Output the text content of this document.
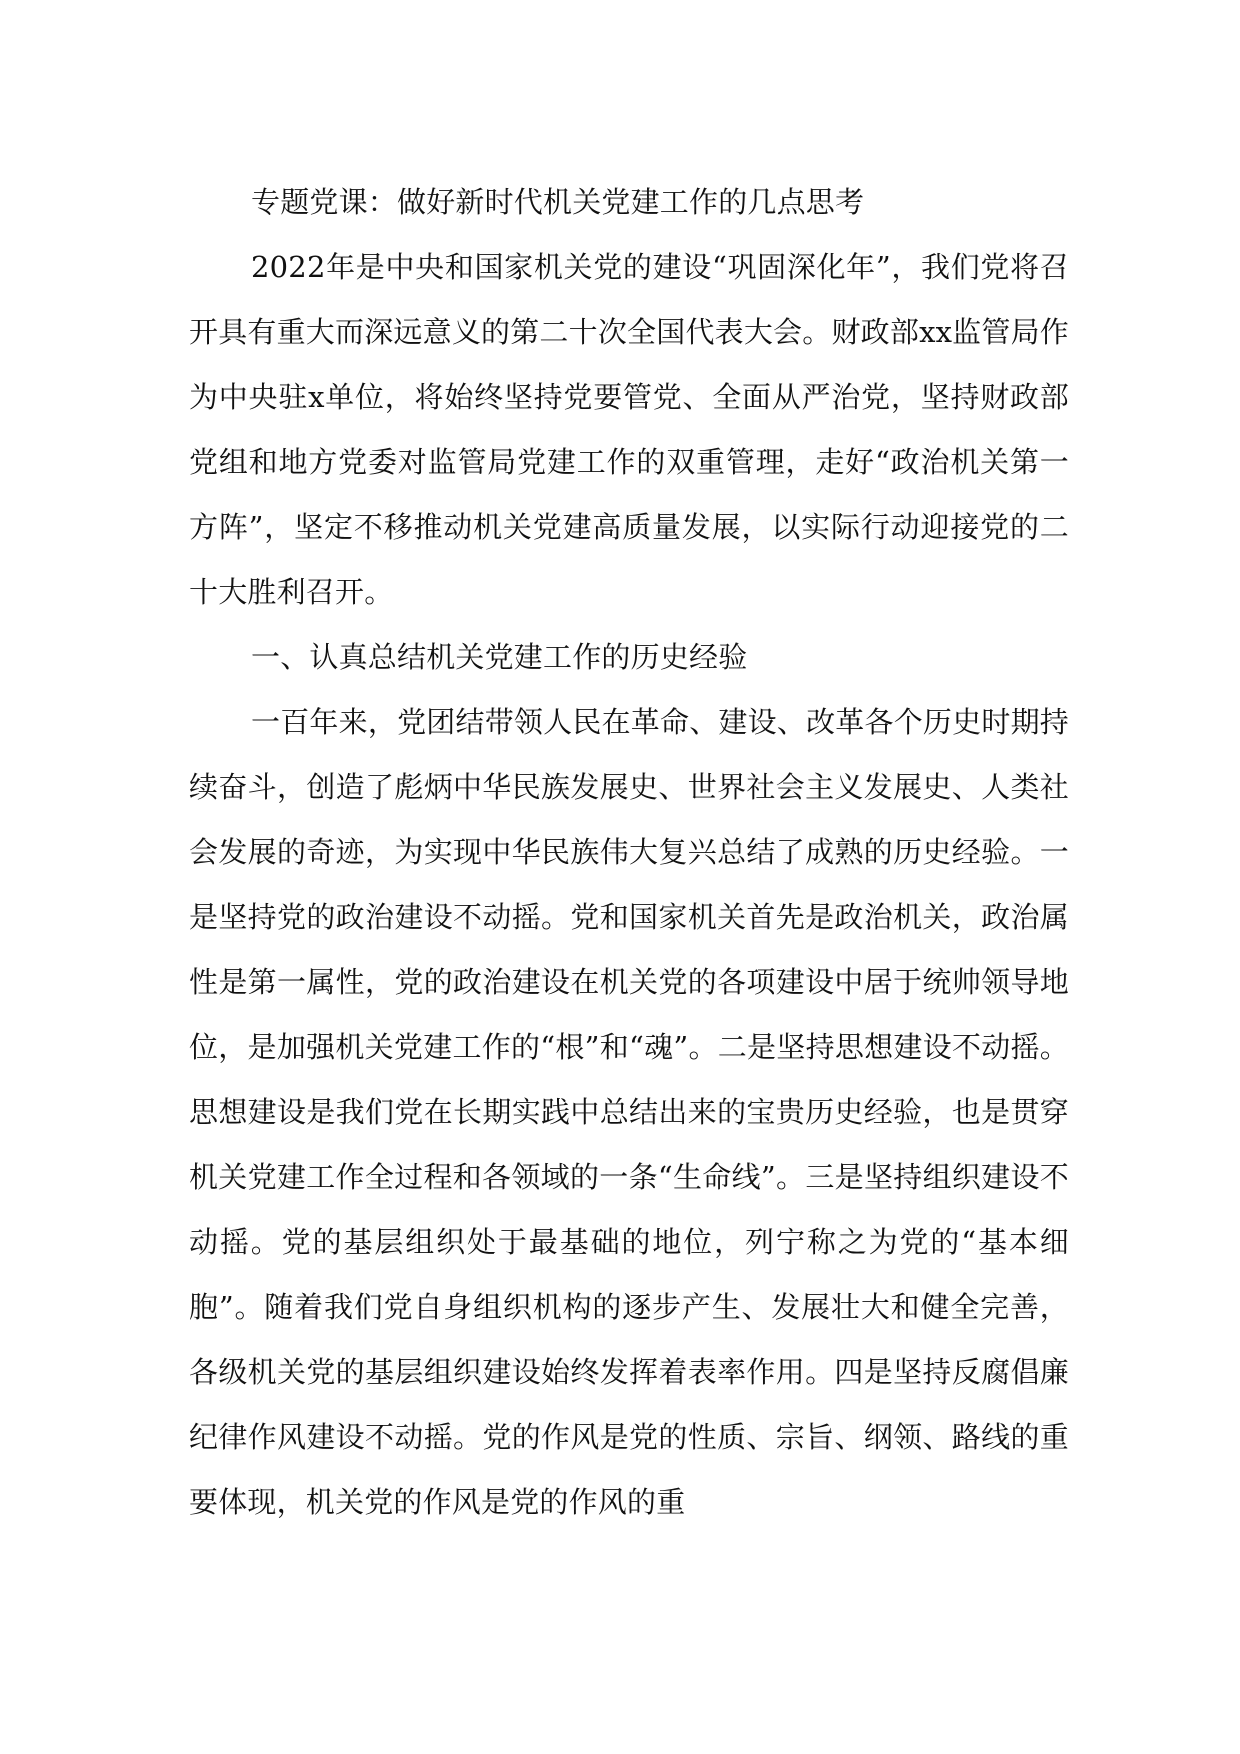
专题党课：做好新时代机关党建工作的几点思考

2022年是中央和国家机关党的建设“巩固深化年”，我们党将召开具有重大而深远意义的第二十次全国代表大会。财政部xx监管局作为中央驻x单位，将始终坚持党要管党、全面从严治党，坚持财政部党组和地方党委对监管局党建工作的双重管理，走好“政治机关第一方阵”，坚定不移推动机关党建高质量发展，以实际行动迎接党的二十大胜利召开。

一、认真总结机关党建工作的历史经验

一百年来，党团结带领人民在革命、建设、改革各个历史时期持续奋斗，创造了彪炳中华民族发展史、世界社会主义发展史、人类社会发展的奇迹，为实现中华民族伟大复兴总结了成熟的历史经验。一是坚持党的政治建设不动摇。党和国家机关首先是政治机关，政治属性是第一属性，党的政治建设在机关党的各项建设中居于统帅领导地位，是加强机关党建工作的“根”和“魂”。二是坚持思想建设不动摇。思想建设是我们党在长期实践中总结出来的宝贵历史经验，也是贯穿机关党建工作全过程和各领域的一条“生命线”。三是坚持组织建设不动摇。党的基层组织处于最基础的地位，列宁称之为党的“基本细胞”。随着我们党自身组织机构的逐步产生、发展壮大和健全完善，各级机关党的基层组织建设始终发挥着表率作用。四是坚持反腐倡廉纪律作风建设不动摇。党的作风是党的性质、宗旨、纲领、路线的重要体现，机关党的作风是党的作风的重
